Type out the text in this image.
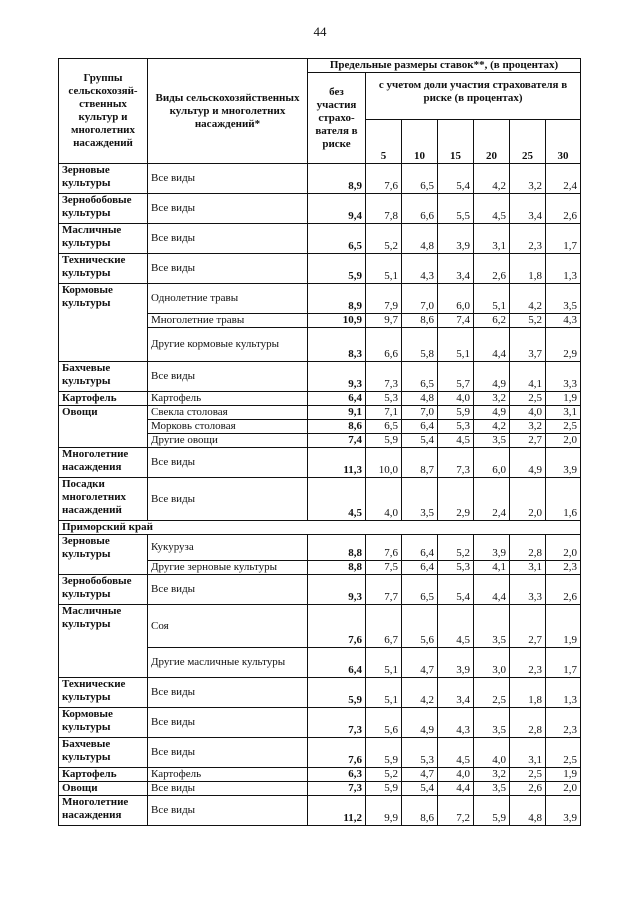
44
Группы сельскохозяй-ственных культур и многолетних насаждений	Виды сельскохозяйственных культур и многолетних насаждений*	Предельные размеры ставок**, (в процентах)						
		без участия страхо-вателя в риске	с учетом доли участия страхователя в риске (в процентах)					
			5	10	15	20	25	30
Зерновые культуры	Все виды	8,9	7,6	6,5	5,4	4,2	3,2	2,4
Зернобобовые культуры	Все виды	9,4	7,8	6,6	5,5	4,5	3,4	2,6
Масличные культуры	Все виды	6,5	5,2	4,8	3,9	3,1	2,3	1,7
Технические культуры	Все виды	5,9	5,1	4,3	3,4	2,6	1,8	1,3
Кормовые культуры	Однолетние травы	8,9	7,9	7,0	6,0	5,1	4,2	3,5
	Многолетние травы	10,9	9,7	8,6	7,4	6,2	5,2	4,3
	Другие кормовые культуры	8,3	6,6	5,8	5,1	4,4	3,7	2,9
Бахчевые культуры	Все виды	9,3	7,3	6,5	5,7	4,9	4,1	3,3
Картофель	Картофель	6,4	5,3	4,8	4,0	3,2	2,5	1,9
Овощи	Свекла столовая	9,1	7,1	7,0	5,9	4,9	4,0	3,1
	Морковь столовая	8,6	6,5	6,4	5,3	4,2	3,2	2,5
	Другие овощи	7,4	5,9	5,4	4,5	3,5	2,7	2,0
Многолетние насаждения	Все виды	11,3	10,0	8,7	7,3	6,0	4,9	3,9
Посадки многолетних насаждений	Все виды	4,5	4,0	3,5	2,9	2,4	2,0	1,6
Приморский край								
Зерновые культуры	Кукуруза	8,8	7,6	6,4	5,2	3,9	2,8	2,0
	Другие зерновые культуры	8,8	7,5	6,4	5,3	4,1	3,1	2,3
Зернобобовые культуры	Все виды	9,3	7,7	6,5	5,4	4,4	3,3	2,6
Масличные культуры	Соя	7,6	6,7	5,6	4,5	3,5	2,7	1,9
	Другие масличные культуры	6,4	5,1	4,7	3,9	3,0	2,3	1,7
Технические культуры	Все виды	5,9	5,1	4,2	3,4	2,5	1,8	1,3
Кормовые культуры	Все виды	7,3	5,6	4,9	4,3	3,5	2,8	2,3
Бахчевые культуры	Все виды	7,6	5,9	5,3	4,5	4,0	3,1	2,5
Картофель	Картофель	6,3	5,2	4,7	4,0	3,2	2,5	1,9
Овощи	Все виды	7,3	5,9	5,4	4,4	3,5	2,6	2,0
Многолетние насаждения	Все виды	11,2	9,9	8,6	7,2	5,9	4,8	3,9
